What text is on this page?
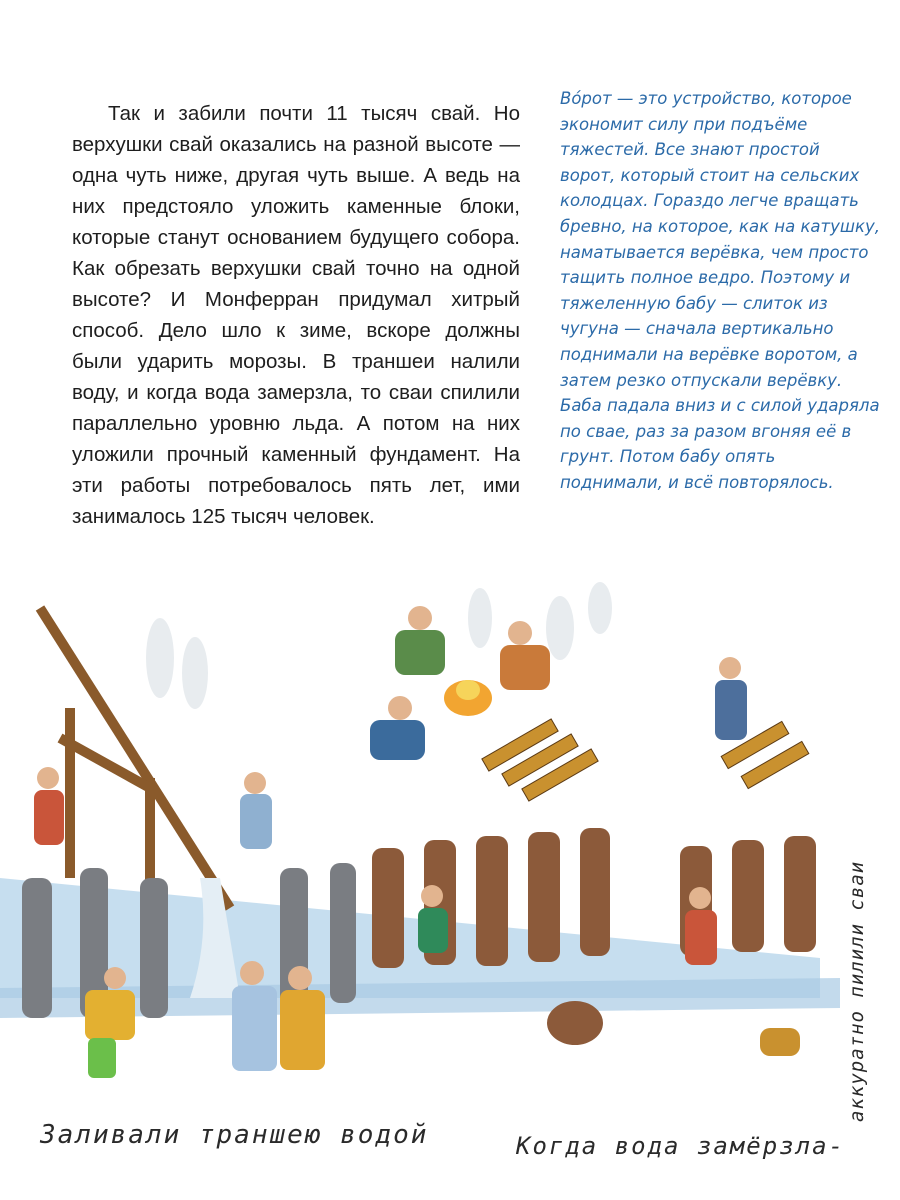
Так и забили почти 11 тысяч свай. Но верхушки свай оказались на разной высоте — одна чуть ниже, другая чуть выше. А ведь на них предстояло уложить каменные блоки, которые станут основанием будущего собора. Как обрезать верхушки свай точно на одной высоте? И Монферран придумал хитрый способ. Дело шло к зиме, вскоре должны были ударить морозы. В траншеи налили воду, и когда вода замерзла, то сваи спилили параллельно уровню льда. А потом на них уложили прочный каменный фундамент. На эти работы потребовалось пять лет, ими занималось 125 тысяч человек.

Вóрот — это устройство, которое экономит силу при подъёме тяжестей. Все знают простой ворот, который стоит на сельских колодцах. Гораздо легче вращать бревно, на которое, как на катушку, наматывается верёвка, чем просто тащить полное ведро. Поэтому и тяжеленную бабу — слиток из чугуна — сначала вертикально поднимали на верёвке воротом, а затем резко отпускали верёвку. Баба падала вниз и с силой ударяла по свае, раз за разом вгоняя её в грунт. Потом бабу опять поднимали, и всё повторялось.

Заливали траншею водой	Когда вода замёрзла-
аккуратно пилили сваи
